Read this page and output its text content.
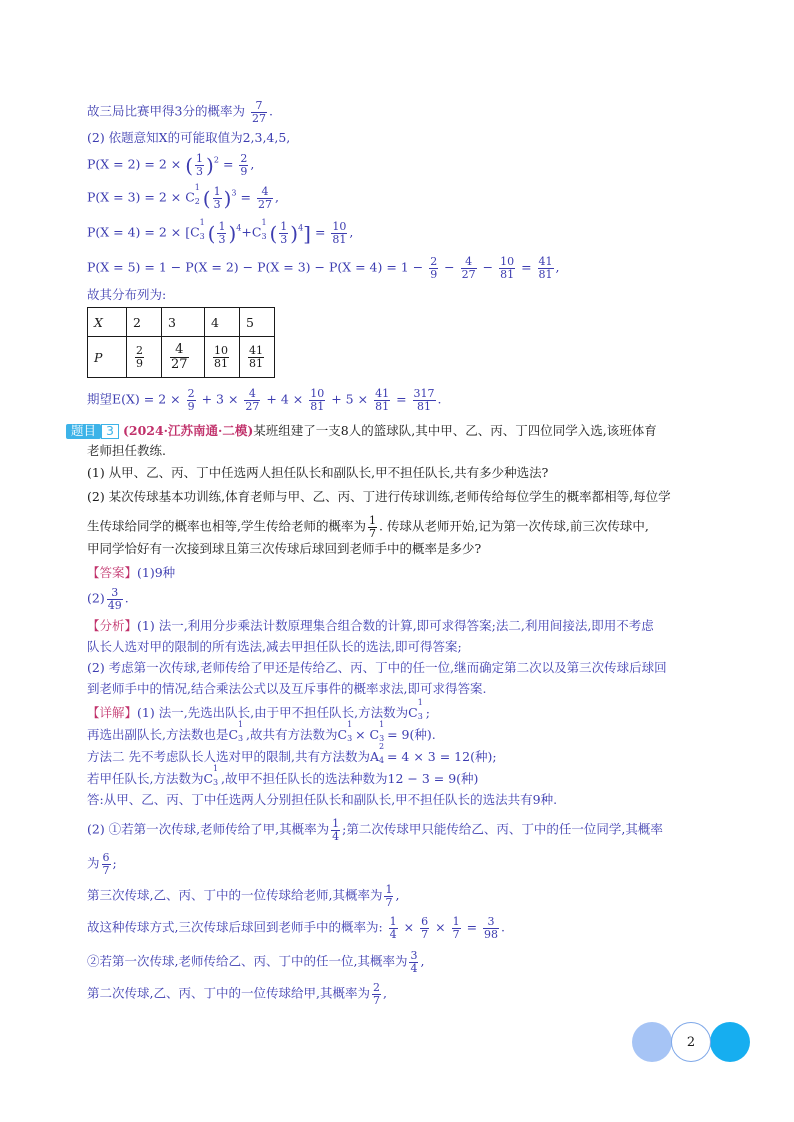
故三局比赛甲得3分的概率为 $\frac{7}{27}$ .
(2) 依题意知X的可能取值为2,3,4,5,
P(X = 2) = 2 × ( $\frac{1}{3} )^2 = \frac{2}{9}$ ,
P(X = 3) = 2 × C
1
2 ( $\frac{1}{3} )^3 = \frac{4}{27}$ ,
P(X = 4) = 2 × [C
1
3 ( $\frac{1}{3} )^4+C$
1
3 ( $\frac{1}{3} )^4] = \frac{10}{81}$ ,
$P(X = 5) = 1 - P(X = 2) - P(X = 3) - P(X = 4) = 1 - \frac{2}{9} - \frac{4}{27} - \frac{10}{81} = \frac{41}{81}$ ,
故其分布列为:
X	2	3	4	5
P	$\frac{2}{9}$	$\frac{4}{27}$	$\frac{10}{81}$	$\frac{41}{81}$
期望$E(X) = 2 \times \frac{2}{9} + 3 \times \frac{4}{27} + 4 \times \frac{10}{81} + 5 \times \frac{41}{81} = \frac{317}{81}$ .
题目 3 (2024·江苏南通·二模)某班组建了一支8人的篮球队,其中甲、乙、丙、丁四位同学入选,该班体育
老师担任教练.
(1) 从甲、乙、丙、丁中任选两人担任队长和副队长,甲不担任队长,共有多少种选法?
(2) 某次传球基本功训练,体育老师与甲、乙、丙、丁进行传球训练,老师传给每位学生的概率都相等,每位学
生传球给同学的概率也相等,学生传给老师的概率为 $\frac{1}{7}$ . 传球从老师开始,记为第一次传球,前三次传球中,
甲同学恰好有一次接到球且第三次传球后球回到老师手中的概率是多少?
【答案】(1)9种
$(2) \frac{3}{49}$ .
【分析】(1) 法一,利用分步乘法计数原理集合组合数的计算,即可求得答案;法二,利用间接法,即用不考虑
队长人选对甲的限制的所有选法,减去甲担任队长的选法,即可得答案;
(2) 考虑第一次传球,老师传给了甲还是传给乙、丙、丁中的任一位,继而确定第二次以及第三次传球后球回
到老师手中的情况,结合乘法公式以及互斥事件的概率求法,即可求得答案.
【详解】(1) 法一,先选出队长,由于甲不担任队长,方法数为C
1
3 ;
再选出副队长,方法数也是C
1
3 ,故共有方法数为C
1
3 × C
1
3 = 9(种).
方法二 先不考虑队长人选对甲的限制,共有方法数为A
2
4 = 4 × 3 = 12(种);
若甲任队长,方法数为C
1
3 ,故甲不担任队长的选法种数为12 − 3 = 9(种)
答:从甲、乙、丙、丁中任选两人分别担任队长和副队长,甲不担任队长的选法共有9种.
(2) ①若第一次传球,老师传给了甲,其概率为 $\frac{1}{4}$ ;第二次传球甲只能传给乙、丙、丁中的任一位同学,其概率
为 $\frac{6}{7}$ ;
第三次传球,乙、丙、丁中的一位传球给老师,其概率为 $\frac{1}{7}$ ,
故这种传球方式,三次传球后球回到老师手中的概率为: $\frac{1}{4} \times \frac{6}{7} \times \frac{1}{7} = \frac{3}{98}$ .
②若第一次传球,老师传给乙、丙、丁中的任一位,其概率为 $\frac{3}{4}$ ,
第二次传球,乙、丙、丁中的一位传球给甲,其概率为 $\frac{2}{7}$ ,
2
